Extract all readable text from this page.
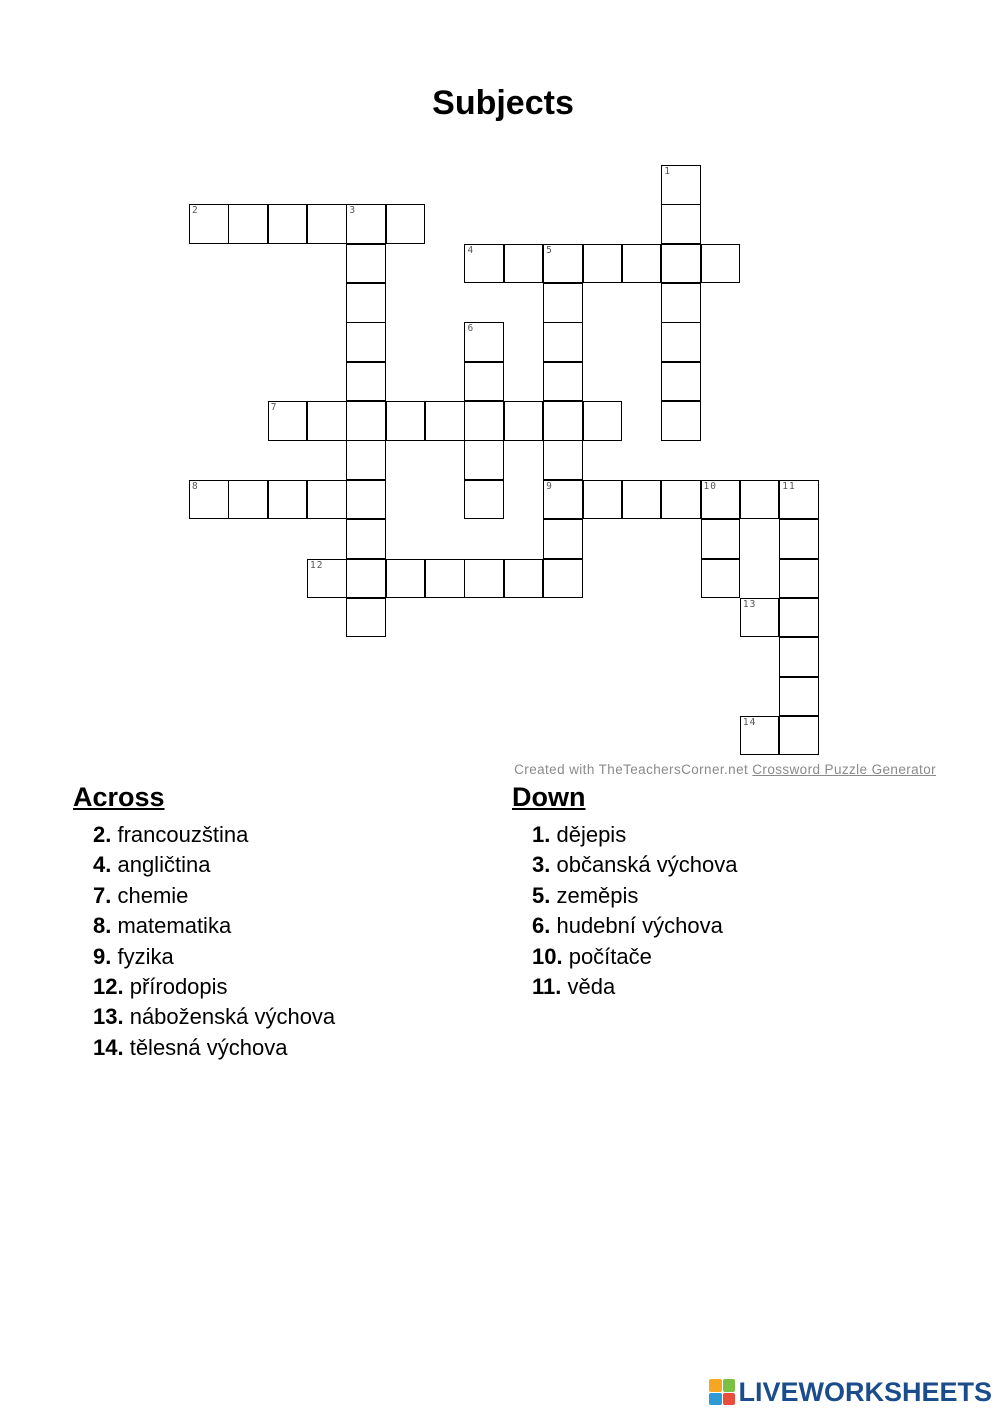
Subjects
1
2	3
4	5
9
6
7
8	10	11
12
13
14
Created with TheTeachersCorner.net Crossword Puzzle Generator
Across
2. francouzština
4. angličtina
7. chemie
8. matematika
9. fyzika
12. přírodopis
13. náboženská výchova
14. tělesná výchova
Down
1. dějepis
3. občanská výchova
5. zeměpis
6. hudební výchova
10. počítače
11. věda
LIVEWORKSHEETS
